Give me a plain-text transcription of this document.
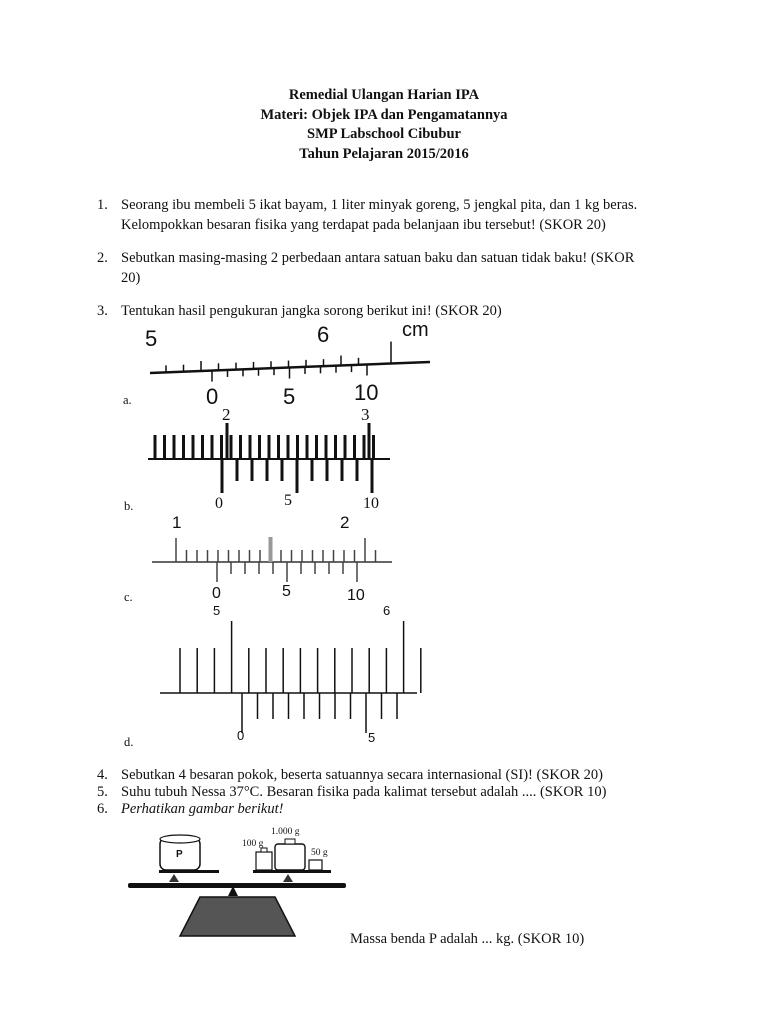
Remedial Ulangan Harian IPA
Materi: Objek IPA dan Pengamatannya
SMP Labschool Cibubur
Tahun Pelajaran 2015/2016
1. Seorang ibu membeli 5 ikat bayam, 1 liter minyak goreng, 5 jengkal pita, dan 1 kg beras.
Kelompokkan besaran fisika yang terdapat pada belanjaan ibu tersebut! (SKOR 20)
2. Sebutkan masing-masing 2 perbedaan antara satuan baku dan satuan tidak baku! (SKOR
20)
3. Tentukan hasil pengukuran jangka sorong berikut ini! (SKOR 20)
5	6	cm
0	5	10
a.
2	3
0	5	10
b.
1	2
0	5	10
c.
5	6
0	5
d.
4. Sebutkan 4 besaran pokok, beserta satuannya secara internasional (SI)! (SKOR 20)
5. Suhu tubuh Nessa 37°C. Besaran fisika pada kalimat tersebut adalah .... (SKOR 10)
6. Perhatikan gambar berikut!
P
100 g
1.000 g
50 g
Massa benda P adalah ... kg. (SKOR 10)
